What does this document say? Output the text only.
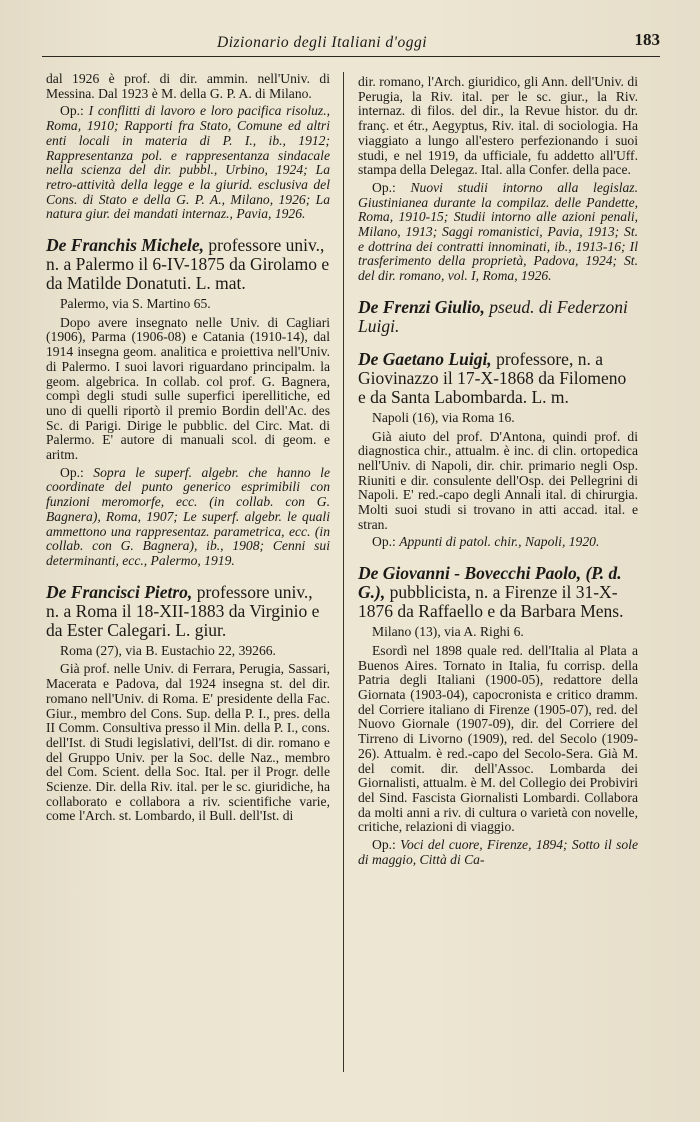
Dizionario degli Italiani d'oggi	183

dal 1926 è prof. di dir. ammin. nell'Univ. di Messina. Dal 1923 è M. della G. P. A. di Milano.

Op.: I conflitti di lavoro e loro pacifica risoluz., Roma, 1910; Rapporti fra Stato, Comune ed altri enti locali in materia di P. I., ib., 1912; Rappresentanza pol. e rappresentanza sindacale nella scienza del dir. pubbl., Urbino, 1924; La retro-attività della legge e la giurid. esclusiva del Cons. di Stato e della G. P. A., Milano, 1926; La natura giur. dei mandati internaz., Pavia, 1926.

De Franchis Michele, professore univ., n. a Palermo il 6-IV-1875 da Girolamo e da Matilde Donatuti. L. mat.

Palermo, via S. Martino 65.

Dopo avere insegnato nelle Univ. di Cagliari (1906), Parma (1906-08) e Catania (1910-14), dal 1914 insegna geom. analitica e proiettiva nell'Univ. di Palermo. I suoi lavori riguardano principalm. la geom. algebrica. In collab. col prof. G. Bagnera, compì degli studi sulle superfici iperellitiche, ed uno di quelli riportò il premio Bordin dell'Ac. des Sc. di Parigi. Dirige le pubblic. del Circ. Mat. di Palermo. E' autore di manuali scol. di geom. e aritm.

Op.: Sopra le superf. algebr. che hanno le coordinate del punto generico esprimibili con funzioni meromorfe, ecc. (in collab. con G. Bagnera), Roma, 1907; Le superf. algebr. le quali ammettono una rappresentaz. parametrica, ecc. (in collab. con G. Bagnera), ib., 1908; Cenni sui determinanti, ecc., Palermo, 1919.

De Francisci Pietro, professore univ., n. a Roma il 18-XII-1883 da Virginio e da Ester Calegari. L. giur.

Roma (27), via B. Eustachio 22, 39266.

Già prof. nelle Univ. di Ferrara, Perugia, Sassari, Macerata e Padova, dal 1924 insegna st. del dir. romano nell'Univ. di Roma. E' presidente della Fac. Giur., membro del Cons. Sup. della P. I., pres. della II Comm. Consultiva presso il Min. della P. I., cons. dell'Ist. di Studi legislativi, dell'Ist. di dir. romano e del Gruppo Univ. per la Soc. delle Naz., membro del Com. Scient. della Soc. Ital. per il Progr. delle Scienze. Dir. della Riv. ital. per le sc. giuridiche, ha collaborato e collabora a riv. scientifiche varie, come l'Arch. st. Lombardo, il Bull. dell'Ist. di

dir. romano, l'Arch. giuridico, gli Ann. dell'Univ. di Perugia, la Riv. ital. per le sc. giur., la Riv. internaz. di filos. del dir., la Revue histor. du dr. franç. et étr., Aegyptus, Riv. ital. di sociologia. Ha viaggiato a lungo all'estero perfezionando i suoi studi, e nel 1919, da ufficiale, fu addetto all'Uff. stampa della Delegaz. Ital. alla Confer. della pace.

Op.: Nuovi studii intorno alla legislaz. Giustinianea durante la compilaz. delle Pandette, Roma, 1910-15; Studii intorno alle azioni penali, Milano, 1913; Saggi romanistici, Pavia, 1913; St. e dottrina dei contratti innominati, ib., 1913-16; Il trasferimento della proprietà, Padova, 1924; St. del dir. romano, vol. I, Roma, 1926.

De Frenzi Giulio, pseud. di Federzoni Luigi.

De Gaetano Luigi, professore, n. a Giovinazzo il 17-X-1868 da Filomeno e da Santa Labombarda. L. m.

Napoli (16), via Roma 16.

Già aiuto del prof. D'Antona, quindi prof. di diagnostica chir., attualm. è inc. di clin. ortopedica nell'Univ. di Napoli, dir. chir. primario negli Osp. Riuniti e dir. consulente dell'Osp. dei Pellegrini di Napoli. E' red.-capo degli Annali ital. di chirurgia. Molti suoi studi si trovano in atti accad. ital. e stran.

Op.: Appunti di patol. chir., Napoli, 1920.

De Giovanni - Bovecchi Paolo, (P. d. G.), pubblicista, n. a Firenze il 31-X-1876 da Raffaello e da Barbara Mens.

Milano (13), via A. Righi 6.

Esordì nel 1898 quale red. dell'Italia al Plata a Buenos Aires. Tornato in Italia, fu corrisp. della Patria degli Italiani (1900-05), redattore della Giornata (1903-04), capocronista e critico dramm. del Corriere italiano di Firenze (1905-07), red. del Nuovo Giornale (1907-09), dir. del Corriere del Tirreno di Livorno (1909), red. del Secolo (1909-26). Attualm. è red.-capo del Secolo-Sera. Già M. del comit. dir. dell'Assoc. Lombarda dei Giornalisti, attualm. è M. del Collegio dei Probiviri del Sind. Fascista Giornalisti Lombardi. Collabora da molti anni a riv. di cultura o varietà con novelle, critiche, relazioni di viaggio.

Op.: Voci del cuore, Firenze, 1894; Sotto il sole di maggio, Città di Ca-
